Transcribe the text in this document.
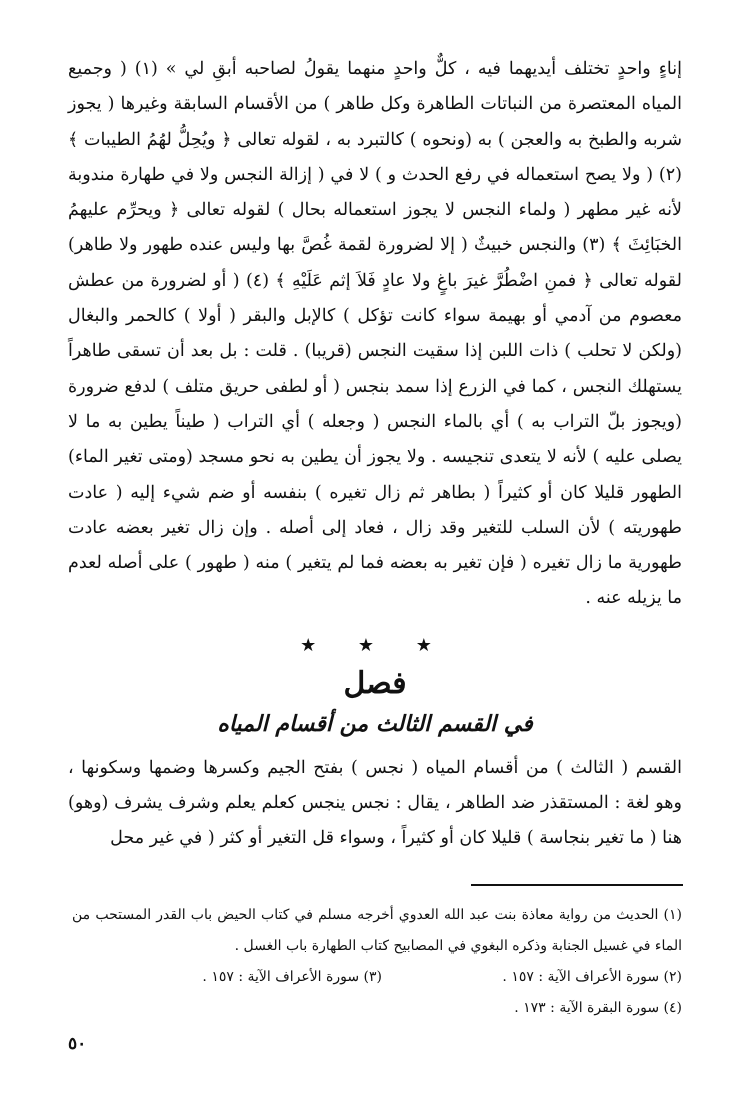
إناءٍ واحدٍ تختلف أيديهما فيه ، كلٌّ واحدٍ منهما يقولُ لصاحبه أبقِ لي » (١) ( وجميع المياه المعتصرة من النباتات الطاهرة وكل طاهر ) من الأقسام السابقة وغيرها ( يجوز شربه والطبخ به والعجن ) به (ونحوه ) كالتبرد به ، لقوله تعالى ﴿ ويُحِلُّ لهُمُ الطيبات ﴾ (٢) ( ولا يصح استعماله في رفع الحدث و ) لا في ( إزالة النجس ولا في طهارة مندوبة لأنه غير مطهر ( ولماء النجس لا يجوز استعماله بحال ) لقوله تعالى ﴿ ويحرِّم عليهمُ الخبَائِثَ ﴾ (٣) والنجس خبيثٌ ( إلا لضرورة لقمة غُصَّ بها وليس عنده طهور ولا طاهر) لقوله تعالى ﴿ فمنِ اضْطُرَّ غيرَ باغٍ ولا عادٍ فَلاَ إثم عَلَيْهِ ﴾ (٤) ( أو لضرورة من عطش معصوم من آدمي أو بهيمة سواء كانت تؤكل ) كالإبل والبقر ( أولا ) كالحمر والبغال (ولكن لا تحلب ) ذات اللبن إذا سقيت النجس (قريبا) . قلت : بل بعد أن تسقى طاهراً يستهلك النجس ، كما في الزرع إذا سمد بنجس ( أو لطفى حريق متلف ) لدفع ضرورة (ويجوز بلّ التراب به ) أي بالماء النجس ( وجعله ) أي التراب ( طيناً يطين به ما لا يصلى عليه ) لأنه لا يتعدى تنجيسه . ولا يجوز أن يطين به نحو مسجد (ومتى تغير الماء) الطهور قليلا كان أو كثيراً ( بطاهر ثم زال تغيره ) بنفسه أو ضم شيء إليه ( عادت طهوريته ) لأن السلب للتغير وقد زال ، فعاد إلى أصله . وإن زال تغير بعضه عادت طهورية ما زال تغيره ( فإن تغير به بعضه فما لم يتغير ) منه ( طهور ) على أصله لعدم ما يزيله عنه .

★ ★ ★
فصل
في القسم الثالث من أقسام المياه

القسم ( الثالث ) من أقسام المياه ( نجس ) بفتح الجيم وكسرها وضمها وسكونها ، وهو لغة : المستقذر ضد الطاهر ، يقال : نجس ينجس كعلم يعلم وشرف يشرف (وهو) هنا ( ما تغير بنجاسة ) قليلا كان أو كثيراً ، وسواء قل التغير أو كثر ( في غير محل

(١) الحديث من رواية معاذة بنت عبد الله العدوي أخرجه مسلم في كتاب الحيض باب القدر المستحب من الماء في غسيل الجنابة وذكره البغوي في المصابيح كتاب الطهارة باب الغسل .

(٢) سورة الأعراف الآية : ١٥٧ .
(٣) سورة الأعراف الآية : ١٥٧ .

(٤) سورة البقرة الآية : ١٧٣ .

٥٠
